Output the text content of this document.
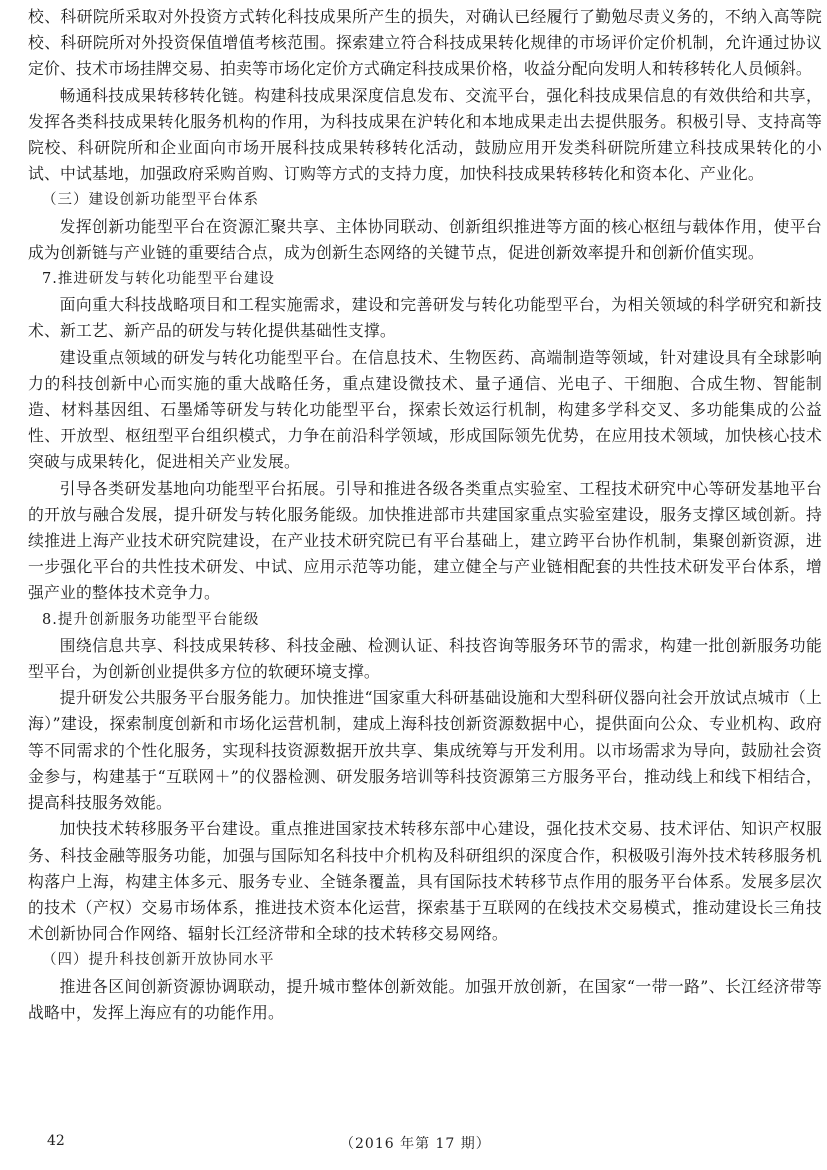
校、科研院所采取对外投资方式转化科技成果所产生的损失，对确认已经履行了勤勉尽责义务的，不纳入高等院校、科研院所对外投资保值增值考核范围。探索建立符合科技成果转化规律的市场评价定价机制，允许通过协议定价、技术市场挂牌交易、拍卖等市场化定价方式确定科技成果价格，收益分配向发明人和转移转化人员倾斜。

畅通科技成果转移转化链。构建科技成果深度信息发布、交流平台，强化科技成果信息的有效供给和共享，发挥各类科技成果转化服务机构的作用，为科技成果在沪转化和本地成果走出去提供服务。积极引导、支持高等院校、科研院所和企业面向市场开展科技成果转移转化活动，鼓励应用开发类科研院所建立科技成果转化的小试、中试基地，加强政府采购首购、订购等方式的支持力度，加快科技成果转移转化和资本化、产业化。

（三）建设创新功能型平台体系

发挥创新功能型平台在资源汇聚共享、主体协同联动、创新组织推进等方面的核心枢纽与载体作用，使平台成为创新链与产业链的重要结合点，成为创新生态网络的关键节点，促进创新效率提升和创新价值实现。

7.推进研发与转化功能型平台建设

面向重大科技战略项目和工程实施需求，建设和完善研发与转化功能型平台，为相关领域的科学研究和新技术、新工艺、新产品的研发与转化提供基础性支撑。

建设重点领域的研发与转化功能型平台。在信息技术、生物医药、高端制造等领域，针对建设具有全球影响力的科技创新中心而实施的重大战略任务，重点建设微技术、量子通信、光电子、干细胞、合成生物、智能制造、材料基因组、石墨烯等研发与转化功能型平台，探索长效运行机制，构建多学科交叉、多功能集成的公益性、开放型、枢纽型平台组织模式，力争在前沿科学领域，形成国际领先优势，在应用技术领域，加快核心技术突破与成果转化，促进相关产业发展。

引导各类研发基地向功能型平台拓展。引导和推进各级各类重点实验室、工程技术研究中心等研发基地平台的开放与融合发展，提升研发与转化服务能级。加快推进部市共建国家重点实验室建设，服务支撑区域创新。持续推进上海产业技术研究院建设，在产业技术研究院已有平台基础上，建立跨平台协作机制，集聚创新资源，进一步强化平台的共性技术研发、中试、应用示范等功能，建立健全与产业链相配套的共性技术研发平台体系，增强产业的整体技术竞争力。

8.提升创新服务功能型平台能级

围绕信息共享、科技成果转移、科技金融、检测认证、科技咨询等服务环节的需求，构建一批创新服务功能型平台，为创新创业提供多方位的软硬环境支撑。

提升研发公共服务平台服务能力。加快推进“国家重大科研基础设施和大型科研仪器向社会开放试点城市（上海）”建设，探索制度创新和市场化运营机制，建成上海科技创新资源数据中心，提供面向公众、专业机构、政府等不同需求的个性化服务，实现科技资源数据开放共享、集成统筹与开发利用。以市场需求为导向，鼓励社会资金参与，构建基于“互联网＋”的仪器检测、研发服务培训等科技资源第三方服务平台，推动线上和线下相结合，提高科技服务效能。

加快技术转移服务平台建设。重点推进国家技术转移东部中心建设，强化技术交易、技术评估、知识产权服务、科技金融等服务功能，加强与国际知名科技中介机构及科研组织的深度合作，积极吸引海外技术转移服务机构落户上海，构建主体多元、服务专业、全链条覆盖，具有国际技术转移节点作用的服务平台体系。发展多层次的技术（产权）交易市场体系，推进技术资本化运营，探索基于互联网的在线技术交易模式，推动建设长三角技术创新协同合作网络、辐射长江经济带和全球的技术转移交易网络。

（四）提升科技创新开放协同水平

推进各区间创新资源协调联动，提升城市整体创新效能。加强开放创新，在国家“一带一路”、长江经济带等战略中，发挥上海应有的功能作用。

42	（2016 年第 17 期）
